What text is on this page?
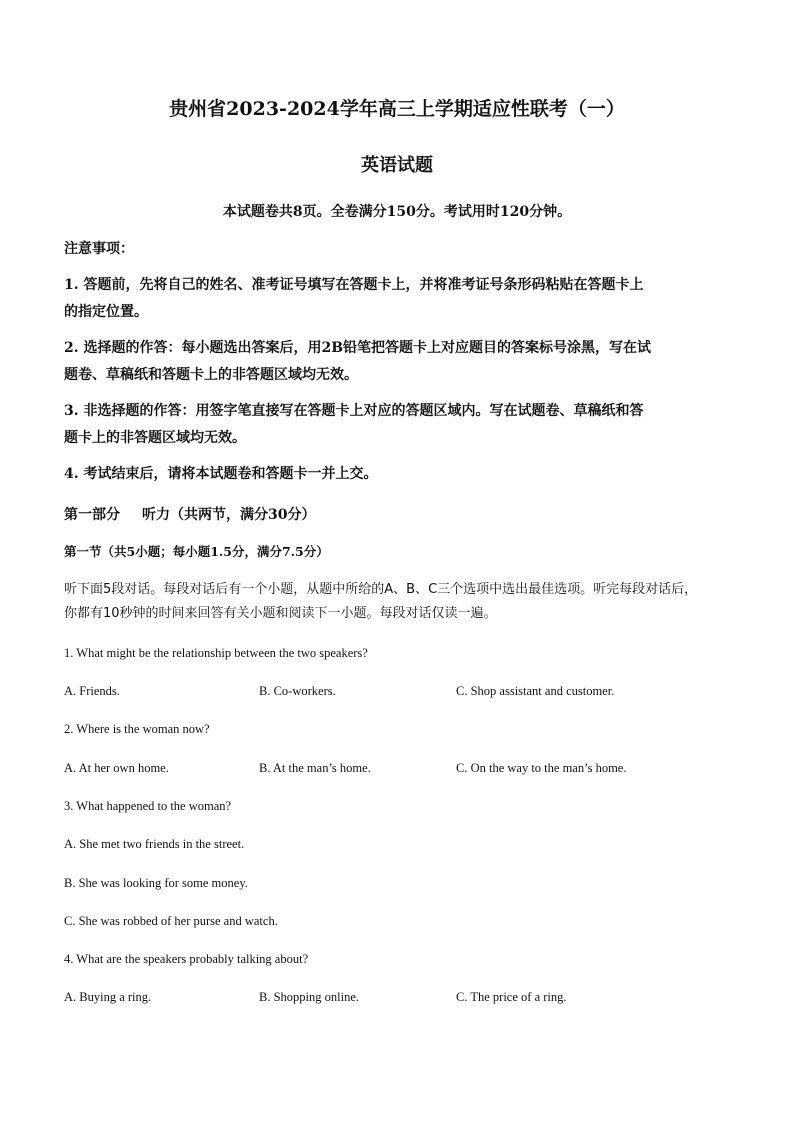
贵州省2023-2024学年高三上学期适应性联考（一）
英语试题
本试题卷共8页。全卷满分150分。考试用时120分钟。
注意事项：
1. 答题前，先将自己的姓名、准考证号填写在答题卡上，并将准考证号条形码粘贴在答题卡上
的指定位置。
2. 选择题的作答：每小题选出答案后，用2B铅笔把答题卡上对应题目的答案标号涂黑，写在试
题卷、草稿纸和答题卡上的非答题区域均无效。
3. 非选择题的作答：用签字笔直接写在答题卡上对应的答题区域内。写在试题卷、草稿纸和答
题卡上的非答题区域均无效。
4. 考试结束后，请将本试题卷和答题卡一并上交。
第一部分 听力（共两节，满分30分）
第一节（共5小题；每小题1.5分，满分7.5分）
听下面5段对话。每段对话后有一个小题，从题中所给的A、B、C三个选项中选出最佳选项。听完每段对话后，
你都有10秒钟的时间来回答有关小题和阅读下一小题。每段对话仅读一遍。
1. What might be the relationship between the two speakers?
A. Friends.	B. Co-workers.	C. Shop assistant and customer.
2. Where is the woman now?
A. At her own home.	B. At the man’s home.	C. On the way to the man’s home.
3. What happened to the woman?
A. She met two friends in the street.
B. She was looking for some money.
C. She was robbed of her purse and watch.
4. What are the speakers probably talking about?
A. Buying a ring.	B. Shopping online.	C. The price of a ring.
